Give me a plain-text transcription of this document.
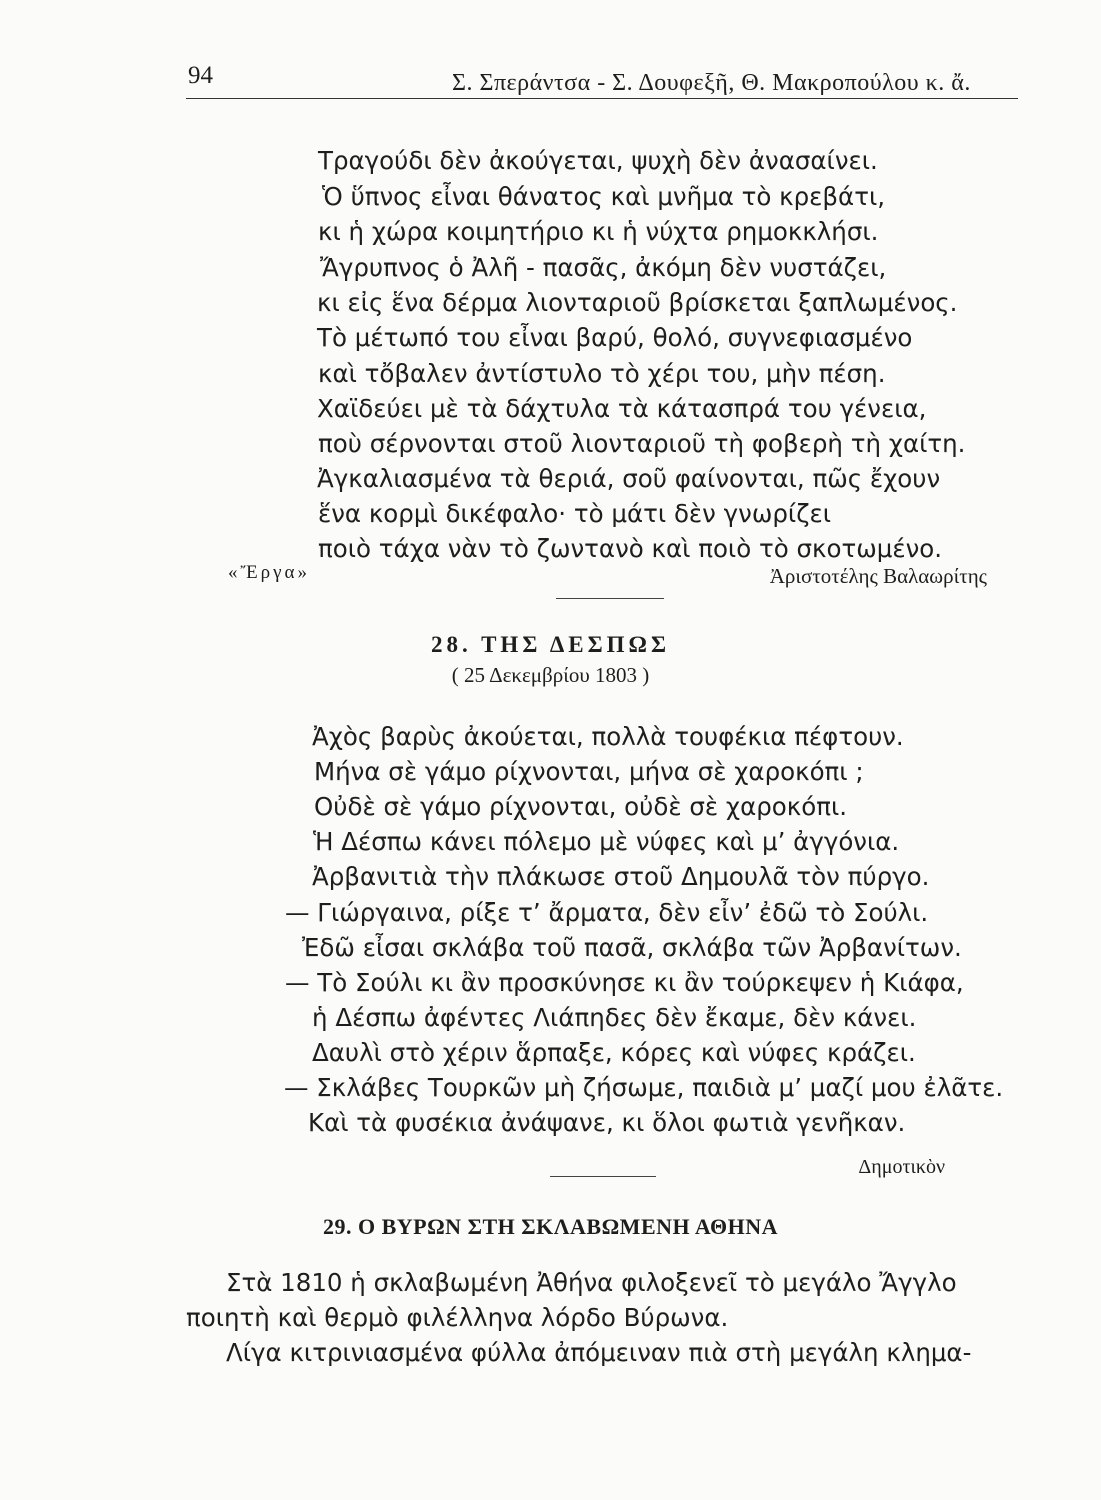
94	Σ. Σπεράντσα - Σ. Δουφεξῆ, Θ. Μακροπούλου κ. ἄ.
Τραγούδι δὲν ἀκούγεται, ψυχὴ δὲν ἀνασαίνει.
Ὁ ὕπνος εἶναι θάνατος καὶ μνῆμα τὸ κρεβάτι,
κι ἡ χώρα κοιμητήριο κι ἡ νύχτα ρημοκκλήσι.
Ἄγρυπνος ὁ Ἀλῆ - πασᾶς, ἀκόμη δὲν νυστάζει,
κι εἰς ἕνα δέρμα λιονταριοῦ βρίσκεται ξαπλωμένος.
Τὸ μέτωπό του εἶναι βαρύ, θολό, συγνεφιασμένο
καὶ τὄβαλεν ἀντίστυλο τὸ χέρι του, μὴν πέση.
Χαϊδεύει μὲ τὰ δάχτυλα τὰ κάτασπρά του γένεια,
ποὺ σέρνονται στοῦ λιονταριοῦ τὴ φοβερὴ τὴ χαίτη.
Ἀγκαλιασμένα τὰ θεριά, σοῦ φαίνονται, πῶς ἔχουν
ἕνα κορμὶ δικέφαλο· τὸ μάτι δὲν γνωρίζει
ποιὸ τάχα νὰν τὸ ζωντανὸ καὶ ποιὸ τὸ σκοτωμένο.
«Ἔργα»	Ἀριστοτέλης Βαλαωρίτης
28. ΤΗΣ ΔΕΣΠΩΣ
( 25 Δεκεμβρίου 1803 )
Ἀχὸς βαρὺς ἀκούεται, πολλὰ τουφέκια πέφτουν.
Μήνα σὲ γάμο ρίχνονται, μήνα σὲ χαροκόπι ;
Οὐδὲ σὲ γάμο ρίχνονται, οὐδὲ σὲ χαροκόπι.
Ἡ Δέσπω κάνει πόλεμο μὲ νύφες καὶ μ’ ἀγγόνια.
Ἀρβανιτιὰ τὴν πλάκωσε στοῦ Δημουλᾶ τὸν πύργο.
— Γιώργαινα, ρίξε τ’ ἄρματα, δὲν εἶν’ ἐδῶ τὸ Σούλι.
Ἐδῶ εἶσαι σκλάβα τοῦ πασᾶ, σκλάβα τῶν Ἀρβανίτων.
— Τὸ Σούλι κι ἂν προσκύνησε κι ἂν τούρκεψεν ἡ Κιάφα,
ἡ Δέσπω ἀφέντες Λιάπηδες δὲν ἔκαμε, δὲν κάνει.
Δαυλὶ στὸ χέριν ἅρπαξε, κόρες καὶ νύφες κράζει.
— Σκλάβες Τουρκῶν μὴ ζήσωμε, παιδιὰ μ’ μαζί μου ἐλᾶτε.
Καὶ τὰ φυσέκια ἀνάψανε, κι ὅλοι φωτιὰ γενῆκαν.
Δημοτικὸν
29. Ο ΒΥΡΩΝ ΣΤΗ ΣΚΛΑΒΩΜΕΝΗ ΑΘΗΝΑ
Στὰ 1810 ἡ σκλαβωμένη Ἀθήνα φιλοξενεῖ τὸ μεγάλο Ἄγγλο
ποιητὴ καὶ θερμὸ φιλέλληνα λόρδο Βύρωνα.
Λίγα κιτρινιασμένα φύλλα ἀπόμειναν πιὰ στὴ μεγάλη κλημα-
